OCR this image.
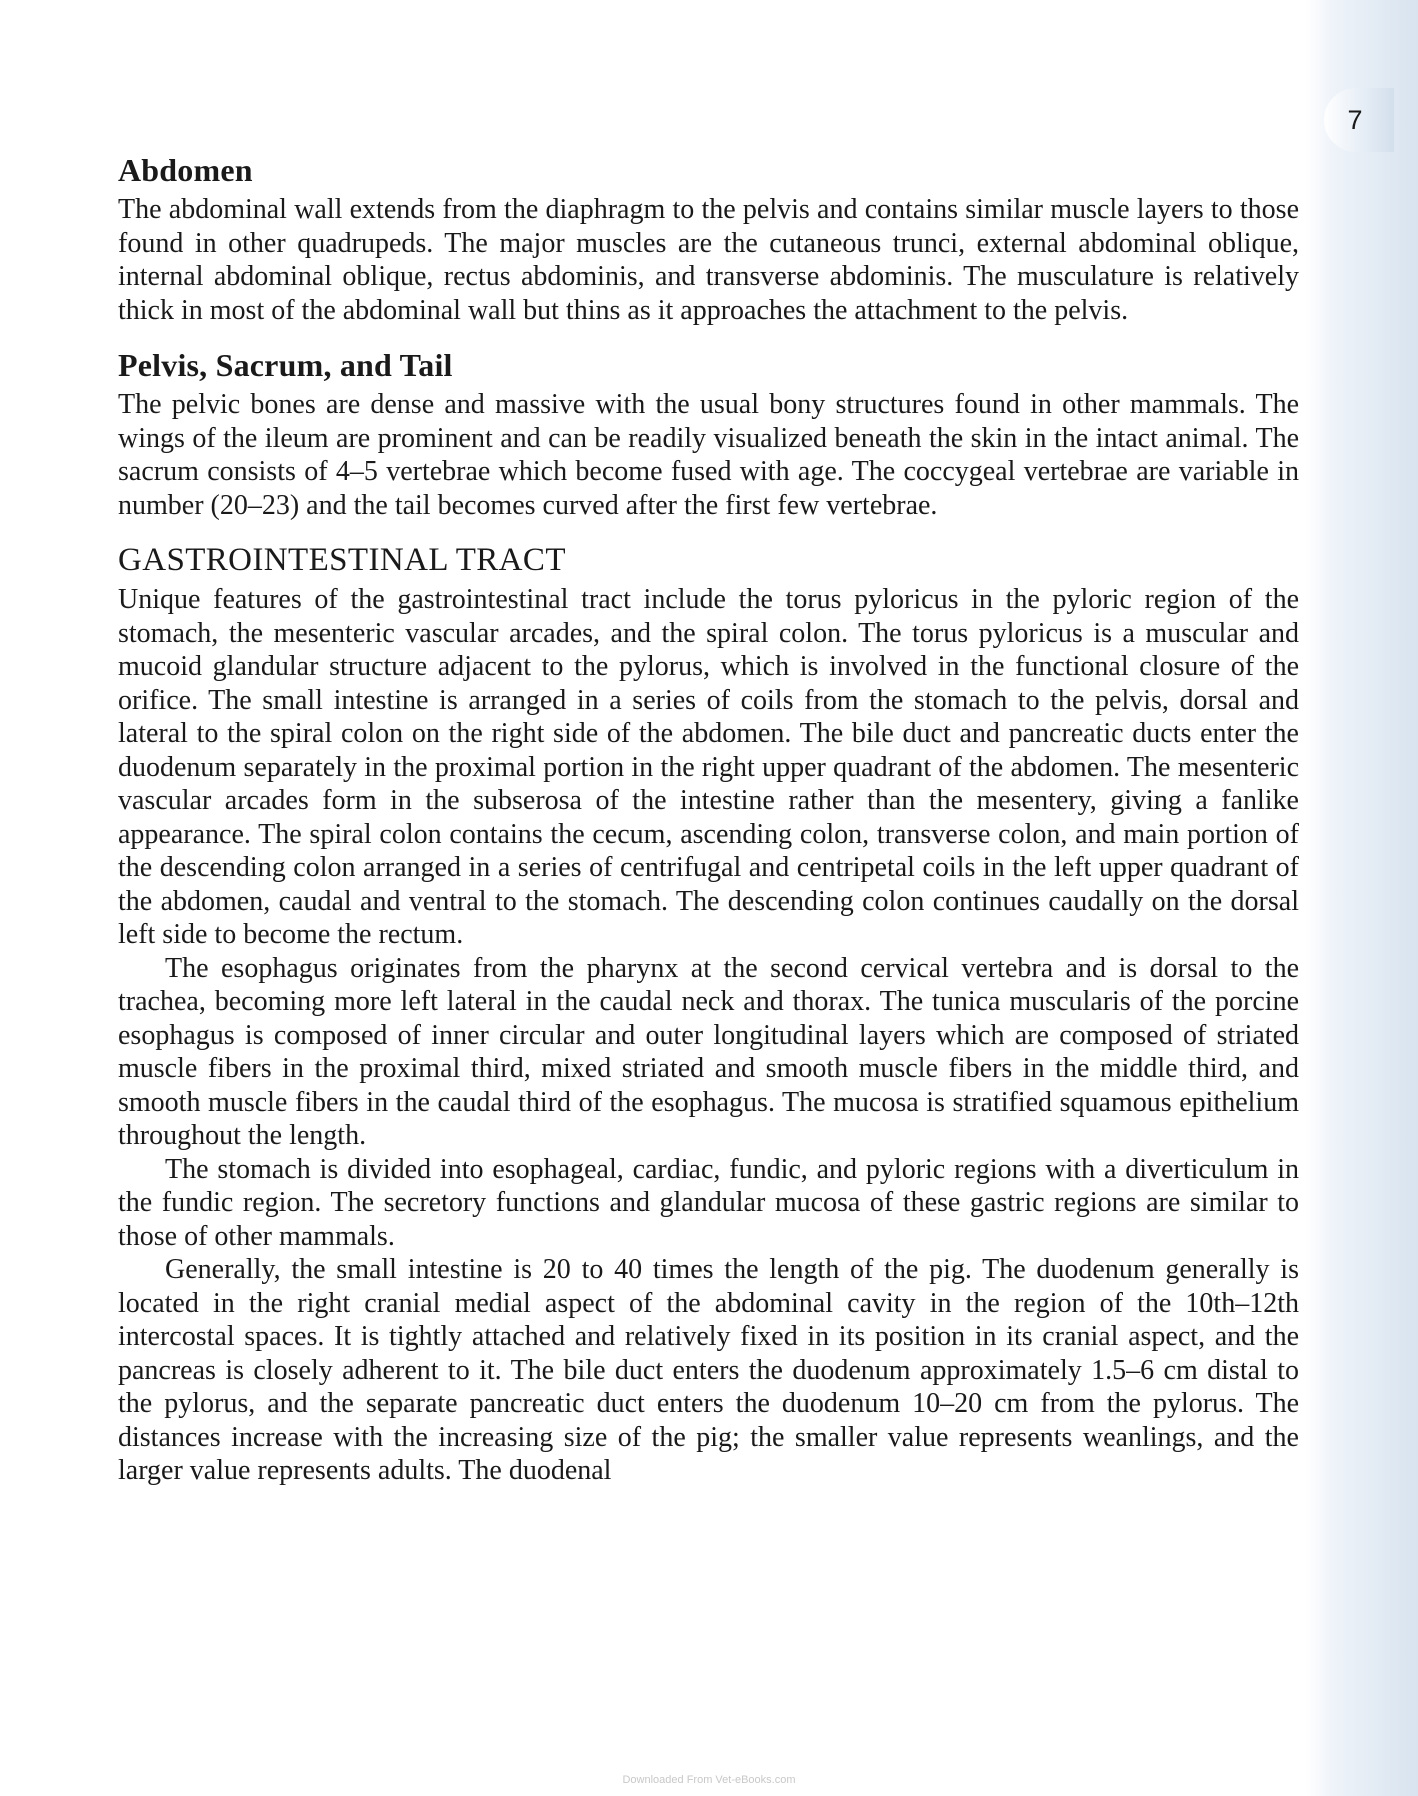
7
Abdomen

The abdominal wall extends from the diaphragm to the pelvis and contains similar muscle layers to those found in other quadrupeds. The major muscles are the cutaneous trunci, external abdominal oblique, internal abdominal oblique, rectus abdominis, and transverse abdominis. The musculature is relatively thick in most of the abdominal wall but thins as it approaches the attachment to the pelvis.

Pelvis, Sacrum, and Tail

The pelvic bones are dense and massive with the usual bony structures found in other mammals. The wings of the ileum are prominent and can be readily visualized beneath the skin in the intact animal. The sacrum consists of 4–5 vertebrae which become fused with age. The coccygeal vertebrae are variable in number (20–23) and the tail becomes curved after the first few vertebrae.

GASTROINTESTINAL TRACT

Unique features of the gastrointestinal tract include the torus pyloricus in the pyloric region of the stomach, the mesenteric vascular arcades, and the spiral colon. The torus pyloricus is a muscular and mucoid glandular structure adjacent to the pylorus, which is involved in the functional closure of the orifice. The small intestine is arranged in a series of coils from the stomach to the pelvis, dorsal and lateral to the spiral colon on the right side of the abdomen. The bile duct and pancreatic ducts enter the duodenum separately in the proximal portion in the right upper quadrant of the abdomen. The mesenteric vascular arcades form in the subserosa of the intestine rather than the mesentery, giving a fanlike appearance. The spiral colon contains the cecum, ascending colon, transverse colon, and main portion of the descending colon arranged in a series of centrifugal and centripetal coils in the left upper quadrant of the abdomen, caudal and ventral to the stomach. The descending colon continues caudally on the dorsal left side to become the rectum.

The esophagus originates from the pharynx at the second cervical vertebra and is dorsal to the trachea, becoming more left lateral in the caudal neck and thorax. The tunica muscularis of the porcine esophagus is composed of inner circular and outer longitudinal layers which are composed of striated muscle fibers in the proximal third, mixed striated and smooth muscle fibers in the middle third, and smooth muscle fibers in the caudal third of the esophagus. The mucosa is stratified squamous epithelium throughout the length.

The stomach is divided into esophageal, cardiac, fundic, and pyloric regions with a diverticulum in the fundic region. The secretory functions and glandular mucosa of these gastric regions are similar to those of other mammals.

Generally, the small intestine is 20 to 40 times the length of the pig. The duodenum generally is located in the right cranial medial aspect of the abdominal cavity in the region of the 10th–12th intercostal spaces. It is tightly attached and relatively fixed in its position in its cranial aspect, and the pancreas is closely adherent to it. The bile duct enters the duodenum approximately 1.5–6 cm distal to the pylorus, and the separate pancreatic duct enters the duodenum 10–20 cm from the pylorus. The distances increase with the increasing size of the pig; the smaller value represents weanlings, and the larger value represents adults. The duodenal

Downloaded From Vet-eBooks.com
